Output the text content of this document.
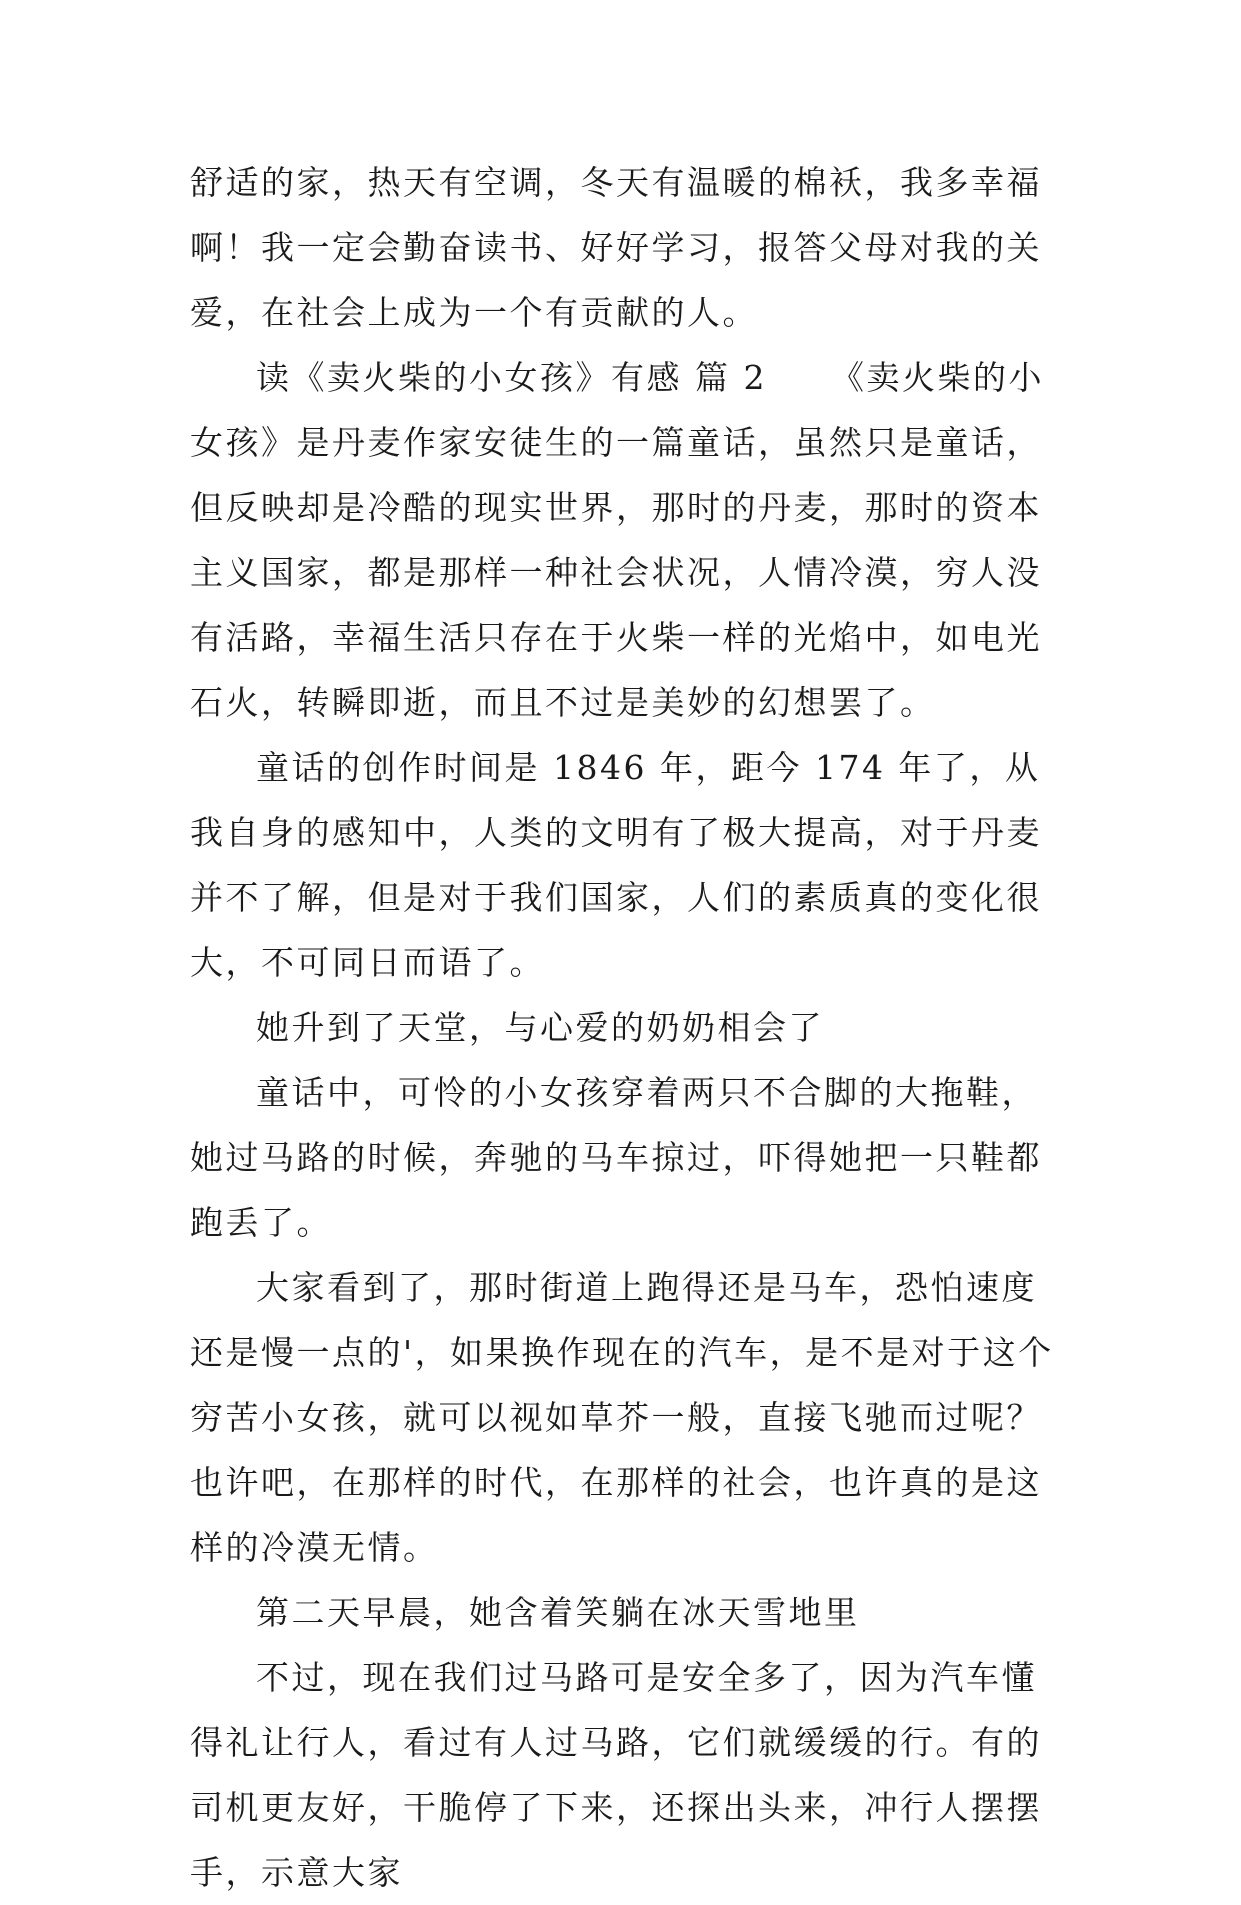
舒适的家，热天有空调，冬天有温暖的棉袄，我多幸福啊！我一定会勤奋读书、好好学习，报答父母对我的关爱，在社会上成为一个有贡献的人。

读《卖火柴的小女孩》有感 篇 2 《卖火柴的小女孩》是丹麦作家安徒生的一篇童话，虽然只是童话，但反映却是冷酷的现实世界，那时的丹麦，那时的资本主义国家，都是那样一种社会状况，人情冷漠，穷人没有活路，幸福生活只存在于火柴一样的光焰中，如电光石火，转瞬即逝，而且不过是美妙的幻想罢了。

童话的创作时间是 1846 年，距今 174 年了，从我自身的感知中，人类的文明有了极大提高，对于丹麦并不了解，但是对于我们国家，人们的素质真的变化很大，不可同日而语了。

她升到了天堂，与心爱的奶奶相会了

童话中，可怜的小女孩穿着两只不合脚的大拖鞋，她过马路的时候，奔驰的马车掠过，吓得她把一只鞋都跑丢了。

大家看到了，那时街道上跑得还是马车，恐怕速度还是慢一点的'，如果换作现在的汽车，是不是对于这个穷苦小女孩，就可以视如草芥一般，直接飞驰而过呢？也许吧，在那样的时代，在那样的社会，也许真的是这样的冷漠无情。

第二天早晨，她含着笑躺在冰天雪地里

不过，现在我们过马路可是安全多了，因为汽车懂得礼让行人，看过有人过马路，它们就缓缓的行。有的司机更友好，干脆停了下来，还探出头来，冲行人摆摆手，示意大家
